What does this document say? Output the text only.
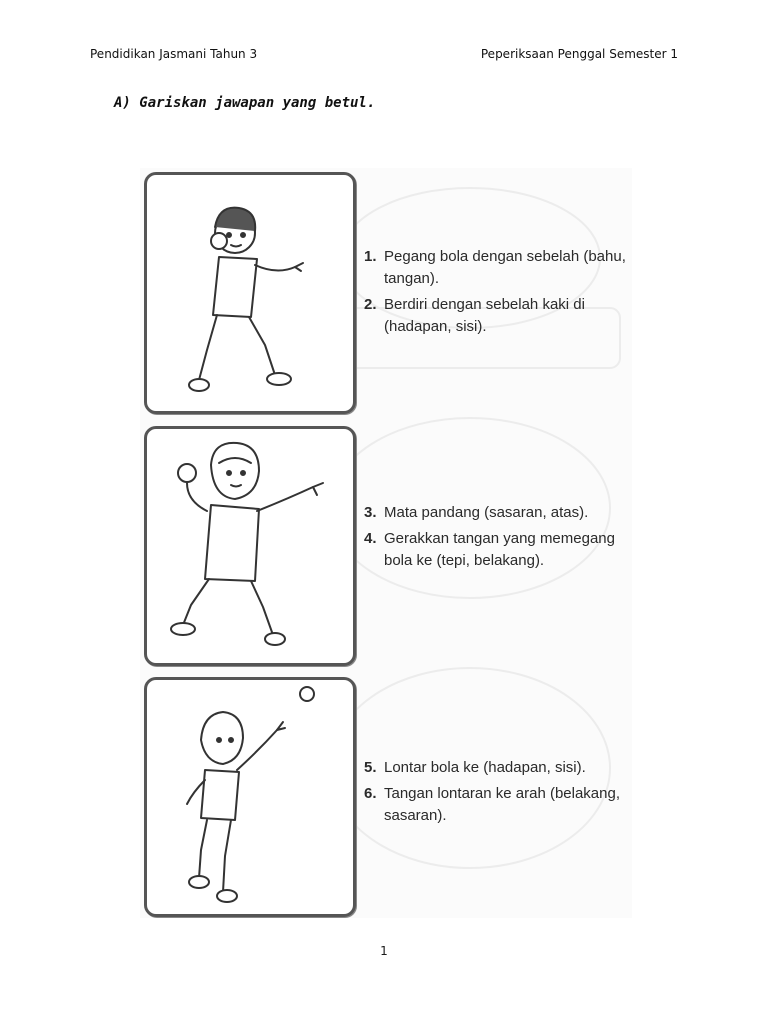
Pendidikan Jasmani Tahun 3	Peperiksaan Penggal Semester 1
A) Gariskan jawapan yang betul.
1. Pegang bola dengan sebelah (bahu, tangan).
2. Berdiri dengan sebelah kaki di (hadapan, sisi).
3. Mata pandang (sasaran, atas).
4. Gerakkan tangan yang memegang bola ke (tepi, belakang).
5. Lontar bola ke (hadapan, sisi).
6. Tangan lontaran ke arah (belakang, sasaran).
1
